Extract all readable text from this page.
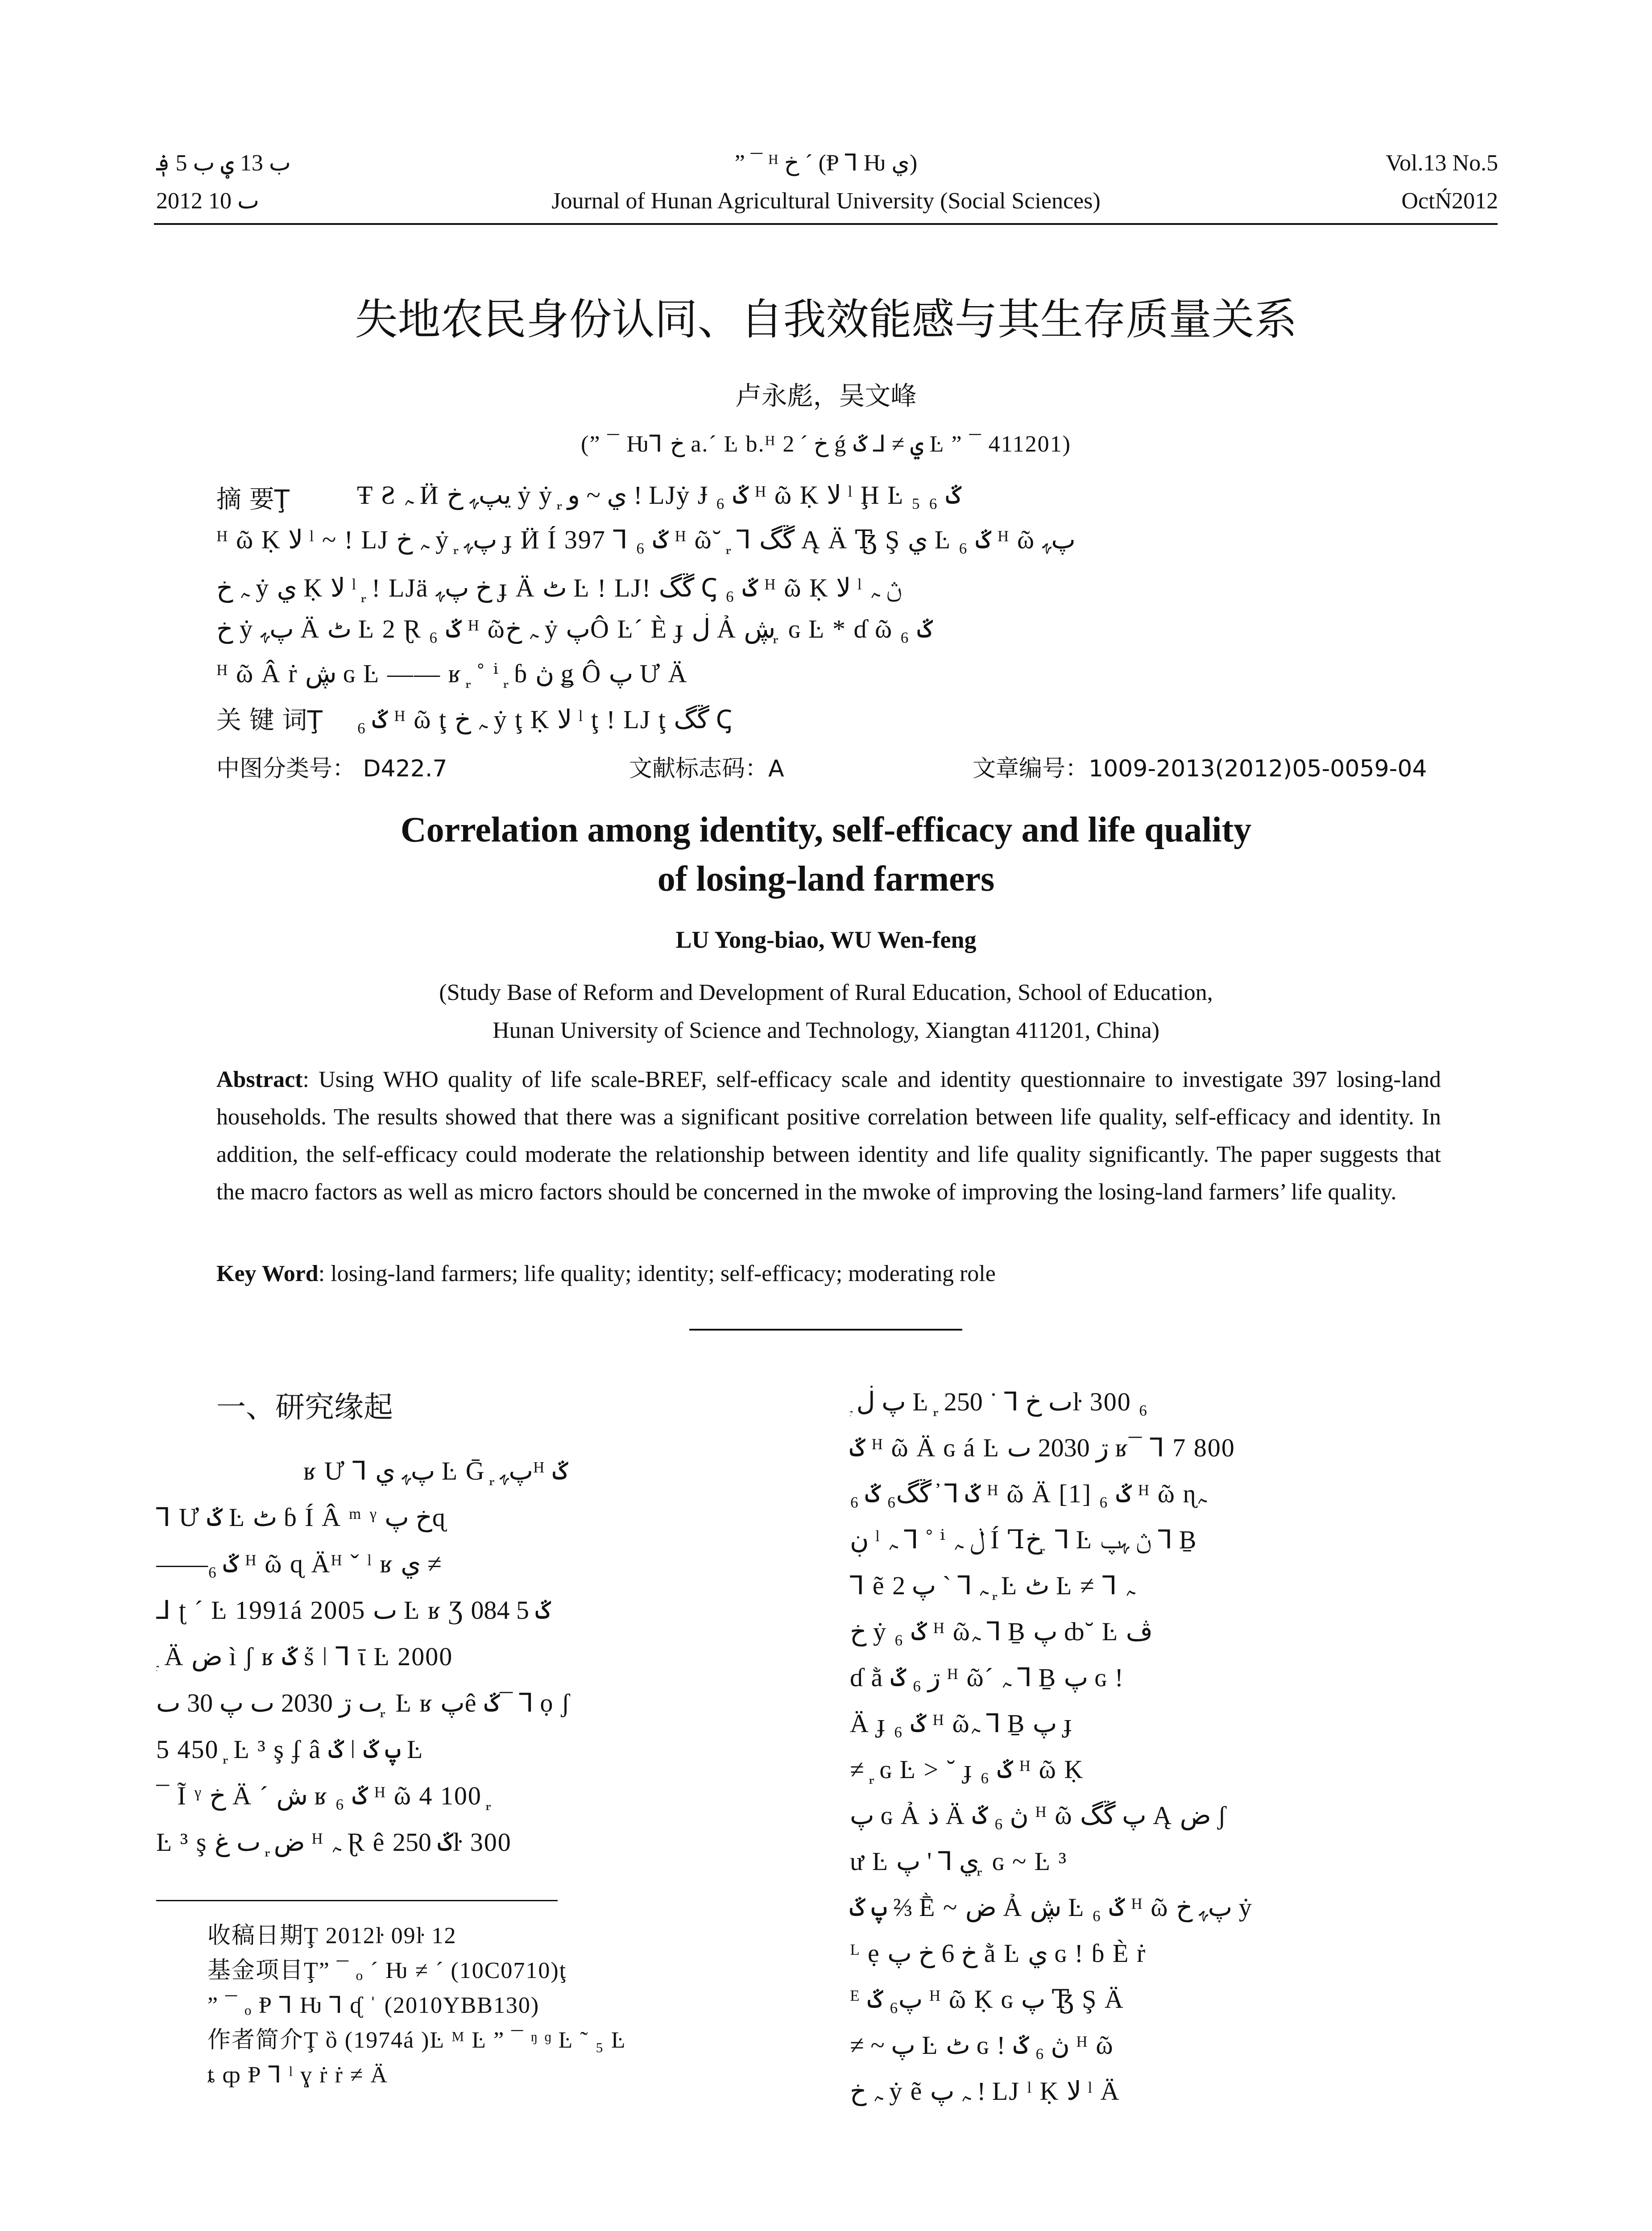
ب 13 ؠ ب 5 ؋
2012 ٮ 10
” ¯ ᴴ خ ´ (Ᵽ ⅂ Ƕ ي)
Journal of Hunan Agricultural University (Social Sciences)
Vol.13 No.5
OctŃ2012
失地农民身份认同、自我效能感与其生存质量关系
卢永彪，吴文峰
(” ¯ Ƕ⅂ خ a.´ Ŀ b.ᴴ خ ´ 2 ǵ ي ≠ ⅃ ػ Ŀ ” ¯ 411201)
摘 要Ţ	Ŧ Ƨ ﮧ Ӥ يپﮩ خ ẏ ẏ ᷊ ي ~ و ! LJẏ Ɉ ₆ ػ ᴴ ῶ Ḳ ﻻ ˡ Ḩ Ŀ ₅ ₆ ػ
ᴴ ῶ Ḳ ﻻ ˡ ~ ! LJ ﮧ خ ẏ ᷊ پﮩ ɟ Ӥ Í 397 ⅂ ₆ ػ ᴴ ῶ˘ ᷊ ⅂ ڱگ Ą Ä Ꜩ Ş ي Ŀ ₆ ػ ᴴ ῶ پﮩ
ﮧ خ ẏ ي Ḳ ﻻ ˡ ᷊ ! LJä خ پﮩ ɟ Ä ٹ Ŀ ! LJ! ڱگ Ꞔ ₆ ػ ᴴ ῶ Ḳ ﻻ ˡ ڽ ﮧ
خ ẏ پﮩ Ä ٹ Ŀ 2 Ɽ ₆ ػ ᴴ ῶﮧ خ ẏ پÔ Ŀ´ È ɟ ڶ Ả ڜ ᷊ ɢ Ŀ * ɗ ῶ ₆ ػ
ᴴ ῶ Â ṙ ڜ ɢ Ŀ —— ʁ ᷊ ˚ ⁱ ᷊ ɓ ڽ ǥ Ô پ Ư Ä
关 键 词Ţ ₆ ػ ᴴ ῶ ţ ﮧ خ ẏ ţ Ḳ ﻻ ˡ ţ ! LJ ţ ڱگ Ꞔ
中图分类号： D422.7	文献标志码：A	文章编号：1009-2013(2012)05-0059-04
Correlation among identity, self-efficacy and life quality
of losing-land farmers
LU Yong-biao, WU Wen-feng
(Study Base of Reform and Development of Rural Education, School of Education,
Hunan University of Science and Technology, Xiangtan 411201, China)
Abstract: Using WHO quality of life scale-BREF, self-efficacy scale and identity questionnaire to investigate 397 losing-land households. The results showed that there was a significant positive correlation between life quality, self-efficacy and identity. In addition, the self-efficacy could moderate the relationship between identity and life quality significantly. The paper suggests that the macro factors as well as micro factors should be concerned in the mwoke of improving the losing-land farmers’ life quality.
Key Word: losing-land farmers; life quality; identity; self-efficacy; moderating role
一、研究缘起
ʁ Ư ⅂ پﮩ ي Ŀ Ḡ ᷊ پﮩᴴ ػ
⅂ Ư ػ Ŀ ٹ ɓ Í Â ᵐ ᵞ خ پɋ
——₆ ػ ᴴ ῶ ɋ Äᴴ ˇ ˡ ʁ ي ≠
⅃ ʈ ´ Ŀ 1991á 2005 ٮ Ŀ ʁ Ʒ ػ 5 084
᷊ Ä ض ì ʃ ʁ ػ ṥ ǀ ⅂ ῑ Ŀ 2000
ٮ ڗ 2030 ٮ پ 30 ٮ ᷊ Ŀ ʁ پê ػ¯ ⅂ ọ ʃ
5 450 ᷊ Ŀ ³ ş ʄ â ػ ǀ پ ػ Ŀ
¯ Ĩ ᵞ خ Ä ´ ش ʁ ₆ ػ ᴴ ῶ 4 100 ᷊
Ŀ ³ ş ض ᷊ ٮ غ ᴴ ﮧ Ɽ ê ػ 250ŀ 300
收稿日期Ţ 2012ŀ 09ŀ 12
基金项目Ţ” ¯ ₒ ´ Ƕ ≠ ´ (10C0710)ţ
” ¯ ₒ Ᵽ ⅂ Ƕ ⅂ ᶑ ˈ (2010YBB130)
作者简介Ţ ȍ (1974á )Ŀ ᴹ Ŀ ” ¯ ᵑ ᶢ Ŀ ˜ ₅ Ŀ
ȶ ȹ Ᵽ ⅂ ˡ ɣ ṙ ṙ ≠ Ä
᷊ پ ڶ Ŀ ᷊ ٮ خ ⅂ ˙ 250ŀ 300 ₆
ػ ᴴ ῶ Ä ɢ á Ŀ ڗ 2030 ٮ ʁ¯ ⅂ 7 800
₆ ػ ⅂ ̓ ڱگ₆ ػ ᴴ ῶ Ä [1] ₆ ػ ᴴ ῶ ɳﮧ
ڹ ˡ ﮧ ⅂ ˚ ⁱ ڶ ﮧ Í Ꞁخ ᷊ ⅂ Ŀ ڽ ﮩپ ⅂ Ḇ
⅂ ẽ ﮧ ⅂ ˋ پ 2 ᷊ Ŀ ٹ Ŀ ≠ ⅂ ﮧ
خ ẏ ₆ ػ ᴴ ῶﮧ ⅂ Ḇ پ ȸ˘ Ŀ ڤ
ɗ ằ ڗ ₆ ػ ᴴ ῶ´ ﮧ ⅂ Ḇ پ ɢ !
Ä ɟ ₆ ػ ᴴ ῶﮧ ⅂ Ḇ پ ɟ
≠ ᷊ ɢ Ŀ > ˘ ɟ ₆ ػ ᴴ ῶ Ḳ
پ ɢ Ả ذ Ä ڽ ₆ ػ ᴴ ῶ پ ڱگ Ą ض ʃ
ư Ŀ ي ⅂ ' پ ᷊ ɢ ~ Ŀ ³
پ ػ ⅔ Ḕ ~ ض Ả ڜ Ŀ ₆ ػ ᴴ ῶ پﮩ خ ẏ
ᴸ ẹ خ 6 خ پ ằ Ŀ ي ɢ ! ɓ È ṙ
ᴱ پ₆ ػ ᴴ ῶ Ḳ ɢ پ Ꜩ Ş Ä
≠ ~ پ Ŀ ٹ ɢ ! ڽ ₆ ػ ᴴ ῶ
ﮧ خ ẏ ẽ ﮧ پ ! LJ ˡ Ḳ ﻻ ˡ Ä
